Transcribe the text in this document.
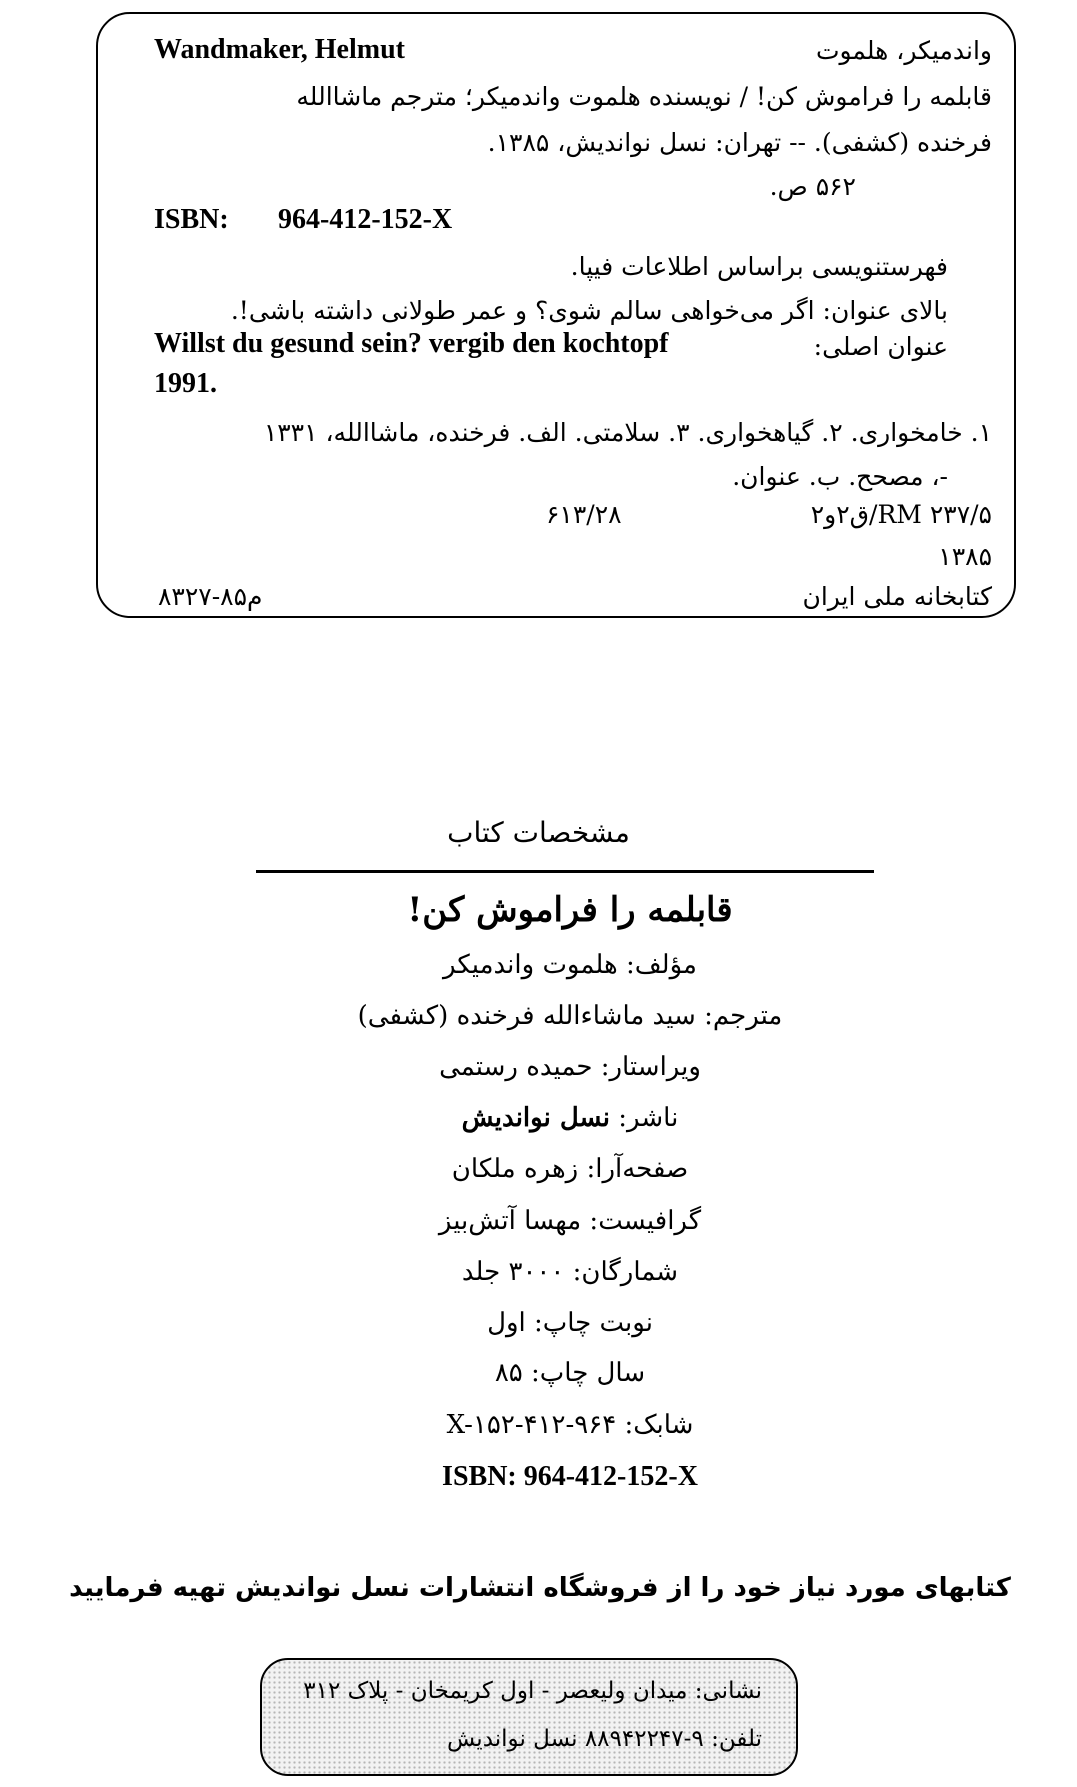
Wandmaker, Helmut	واندمیکر، هلموت
قابلمه را فراموش کن! / نویسنده هلموت واندمیکر؛ مترجم ماشاالله
فرخنده (کشفی). -- تهران: نسل نواندیش، ۱۳۸۵.
۵۶۲ ص.
ISBN: 964-412-152-X
فهرستنویسی براساس اطلاعات فیپا.
بالای عنوان: اگر می‌خواهی سالم شوی؟ و عمر طولانی داشته باشی!.
Willst du gesund sein? vergib den kochtopf	عنوان اصلی:
1991.
۱. خامخواری. ۲. گیاهخواری. ۳. سلامتی. الف. فرخنده، ماشاالله، ۱۳۳۱
-، مصحح. ب. عنوان.
۶۱۳/۲۸	RM ۲۳۷/۵/ق۲و۲
۱۳۸۵
م۸۵-۸۳۲۷	کتابخانه ملی ایران
مشخصات کتاب
قابلمه را فراموش کن!
مؤلف: هلموت واندمیکر
مترجم: سید ماشاءالله فرخنده (کشفی)
ویراستار: حمیده رستمی
ناشر: نسل نواندیش
صفحه‌آرا: زهره ملکان
گرافیست: مهسا آتش‌بیز
شمارگان: ۳۰۰۰ جلد
نوبت چاپ: اول
سال چاپ: ۸۵
شابک: X-۱۵۲-۴۱۲-۹۶۴
ISBN: 964-412-152-X
کتابهای مورد نیاز خود را از فروشگاه انتشارات نسل نواندیش تهیه فرمایید
نشانی: میدان ولیعصر - اول کریمخان - پلاک ۳۱۲
تلفن: ۹-۸۸۹۴۲۲۴۷ نسل نواندیش
